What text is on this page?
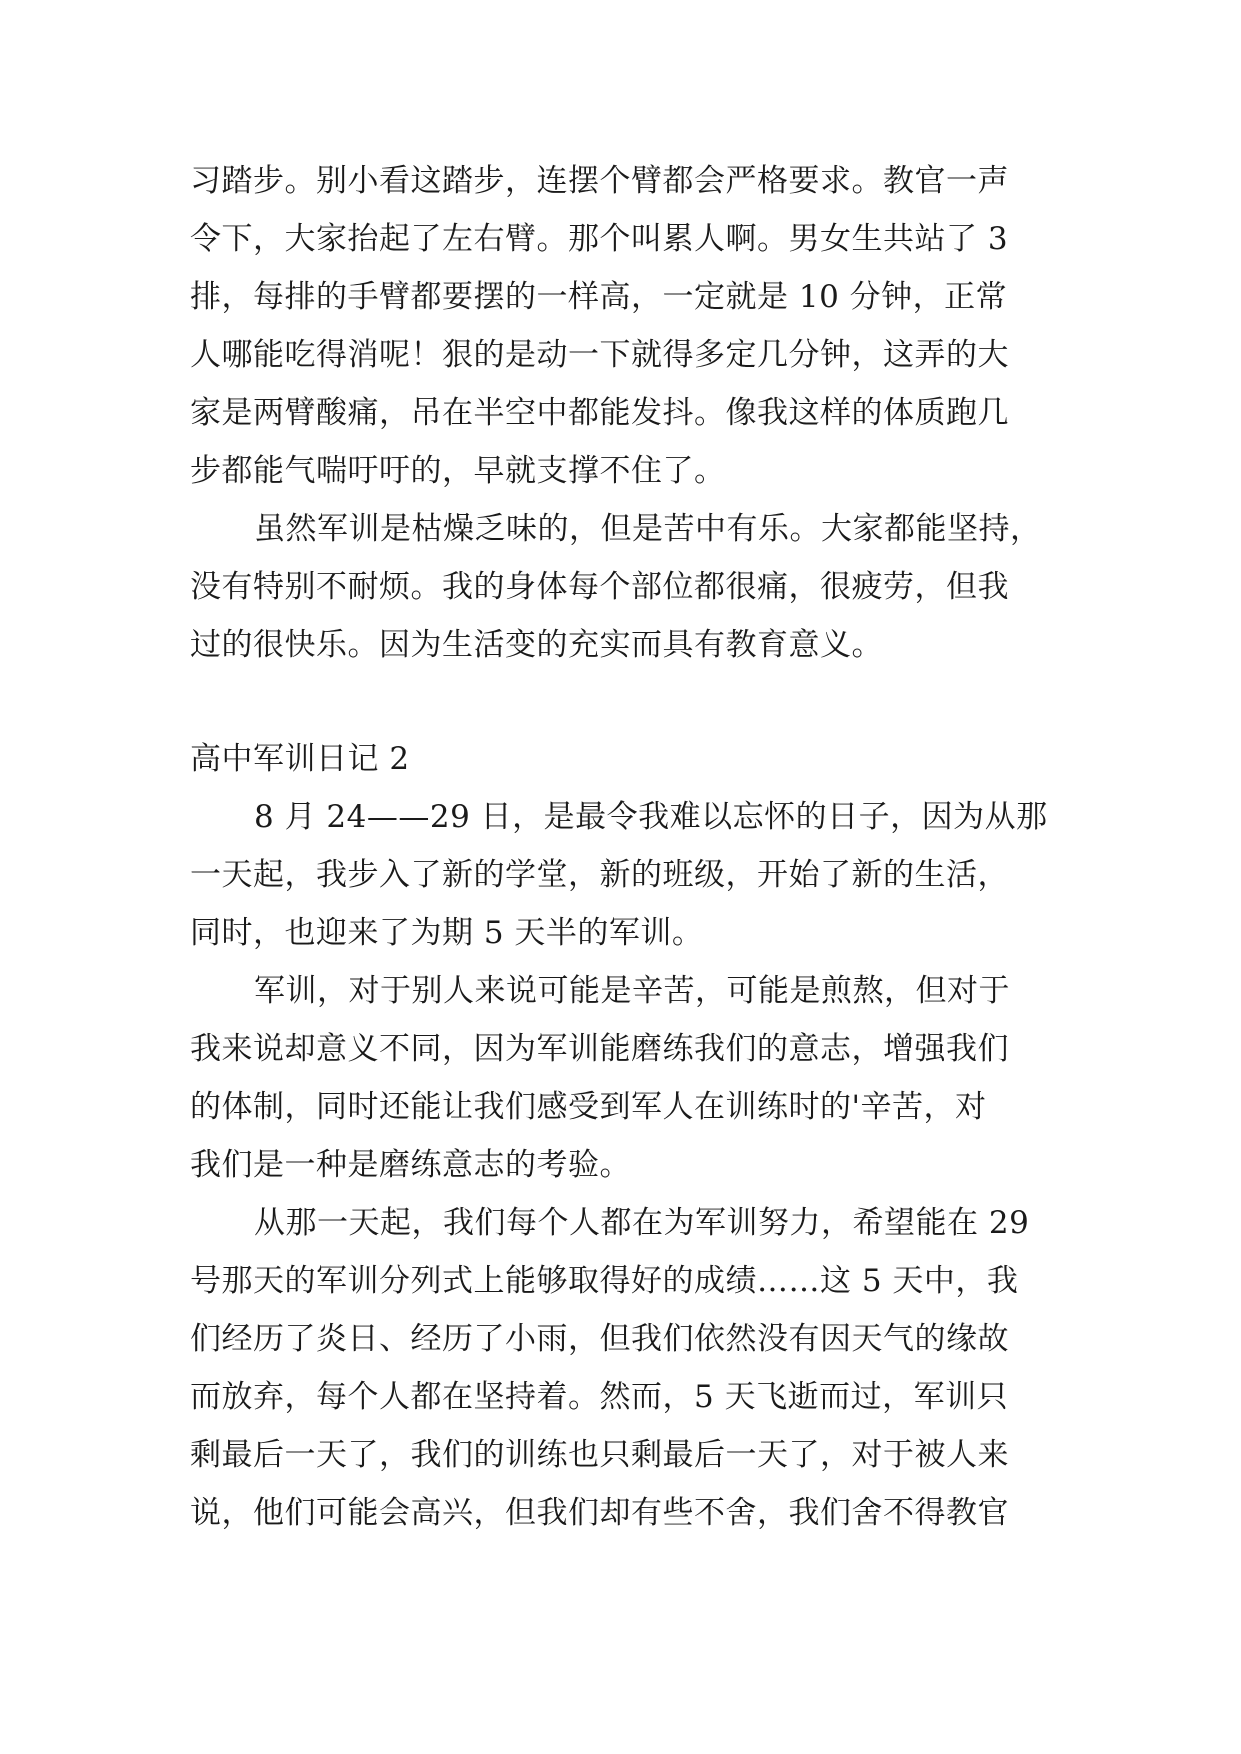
习踏步。别小看这踏步，连摆个臂都会严格要求。教官一声
令下，大家抬起了左右臂。那个叫累人啊。男女生共站了 3
排，每排的手臂都要摆的一样高，一定就是 10 分钟，正常
人哪能吃得消呢！狠的是动一下就得多定几分钟，这弄的大
家是两臂酸痛，吊在半空中都能发抖。像我这样的体质跑几
步都能气喘吁吁的，早就支撑不住了。
虽然军训是枯燥乏味的，但是苦中有乐。大家都能坚持，
没有特别不耐烦。我的身体每个部位都很痛，很疲劳，但我
过的很快乐。因为生活变的充实而具有教育意义。
高中军训日记 2
8 月 24——29 日，是最令我难以忘怀的日子，因为从那
一天起，我步入了新的学堂，新的班级，开始了新的生活，
同时，也迎来了为期 5 天半的军训。
军训，对于别人来说可能是辛苦，可能是煎熬，但对于
我来说却意义不同，因为军训能磨练我们的意志，增强我们
的体制，同时还能让我们感受到军人在训练时的'辛苦，对
我们是一种是磨练意志的考验。
从那一天起，我们每个人都在为军训努力，希望能在 29
号那天的军训分列式上能够取得好的成绩……这 5 天中，我
们经历了炎日、经历了小雨，但我们依然没有因天气的缘故
而放弃，每个人都在坚持着。然而，5 天飞逝而过，军训只
剩最后一天了，我们的训练也只剩最后一天了，对于被人来
说，他们可能会高兴，但我们却有些不舍，我们舍不得教官
